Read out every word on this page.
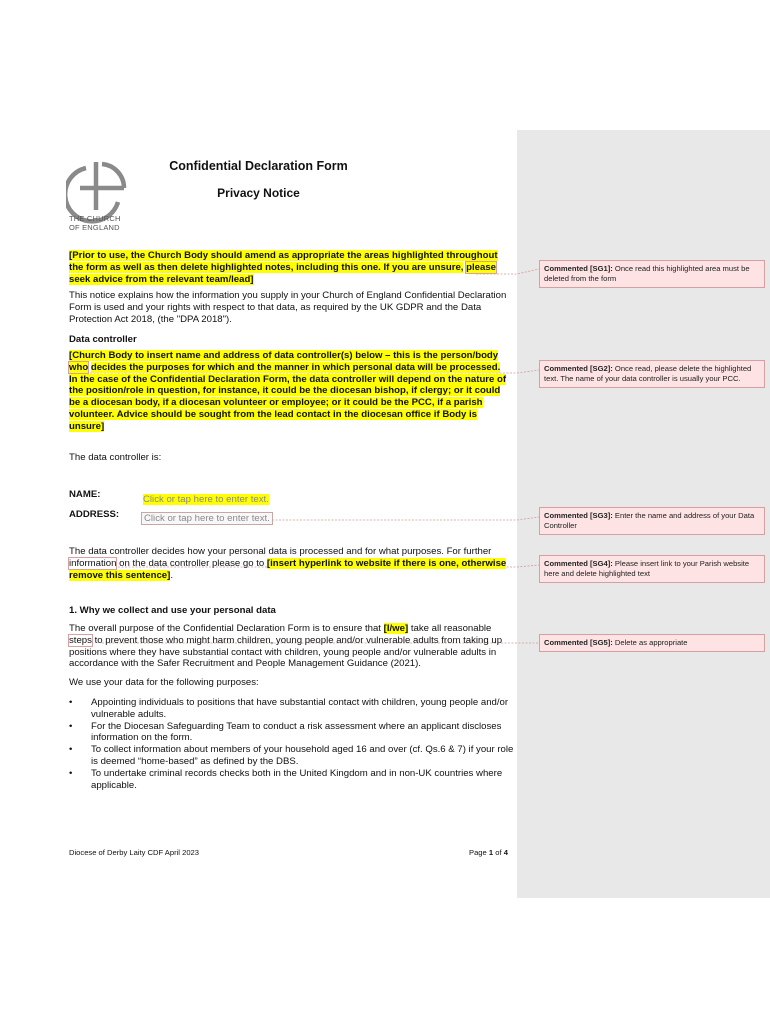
THE CHURCH
OF ENGLAND
Confidential Declaration Form
Privacy Notice
[Prior to use, the Church Body should amend as appropriate the areas highlighted throughout the form as well as then delete highlighted notes, including this one. If you are unsure, please seek advice from the relevant team/lead]
This notice explains how the information you supply in your Church of England Confidential Declaration Form is used and your rights with respect to that data, as required by the UK GDPR and the Data Protection Act 2018, (the "DPA 2018").
Data controller
[Church Body to insert name and address of data controller(s) below – this is the person/body who decides the purposes for which and the manner in which personal data will be processed. In the case of the Confidential Declaration Form, the data controller will depend on the nature of the position/role in question, for instance, it could be the diocesan bishop, if clergy; or it could be a diocesan body, if a diocesan volunteer or employee; or it could be the PCC, if a parish volunteer. Advice should be sought from the lead contact in the diocesan office if Body is unsure]
The data controller is:
NAME:	Click or tap here to enter text.
ADDRESS:	Click or tap here to enter text.
The data controller decides how your personal data is processed and for what purposes. For further information on the data controller please go to [insert hyperlink to website if there is one, otherwise remove this sentence].
1. Why we collect and use your personal data
The overall purpose of the Confidential Declaration Form is to ensure that [I/we] take all reasonable steps to prevent those who might harm children, young people and/or vulnerable adults from taking up positions where they have substantial contact with children, young people and/or vulnerable adults in accordance with the Safer Recruitment and People Management Guidance (2021).
We use your data for the following purposes:
• Appointing individuals to positions that have substantial contact with children, young people and/or vulnerable adults.
• For the Diocesan Safeguarding Team to conduct a risk assessment where an applicant discloses information on the form.
• To collect information about members of your household aged 16 and over (cf. Qs.6 & 7) if your role is deemed “home-based” as defined by the DBS.
• To undertake criminal records checks both in the United Kingdom and in non-UK countries where applicable.
Diocese of Derby Laity CDF April 2023	Page 1 of 4
Commented [SG1]: Once read this highlighted area must be deleted from the form
Commented [SG2]: Once read, please delete the highlighted text. The name of your data controller is usually your PCC.
Commented [SG3]: Enter the name and address of your Data Controller
Commented [SG4]: Please insert link to your Parish website here and delete highlighted text
Commented [SG5]: Delete as appropriate
